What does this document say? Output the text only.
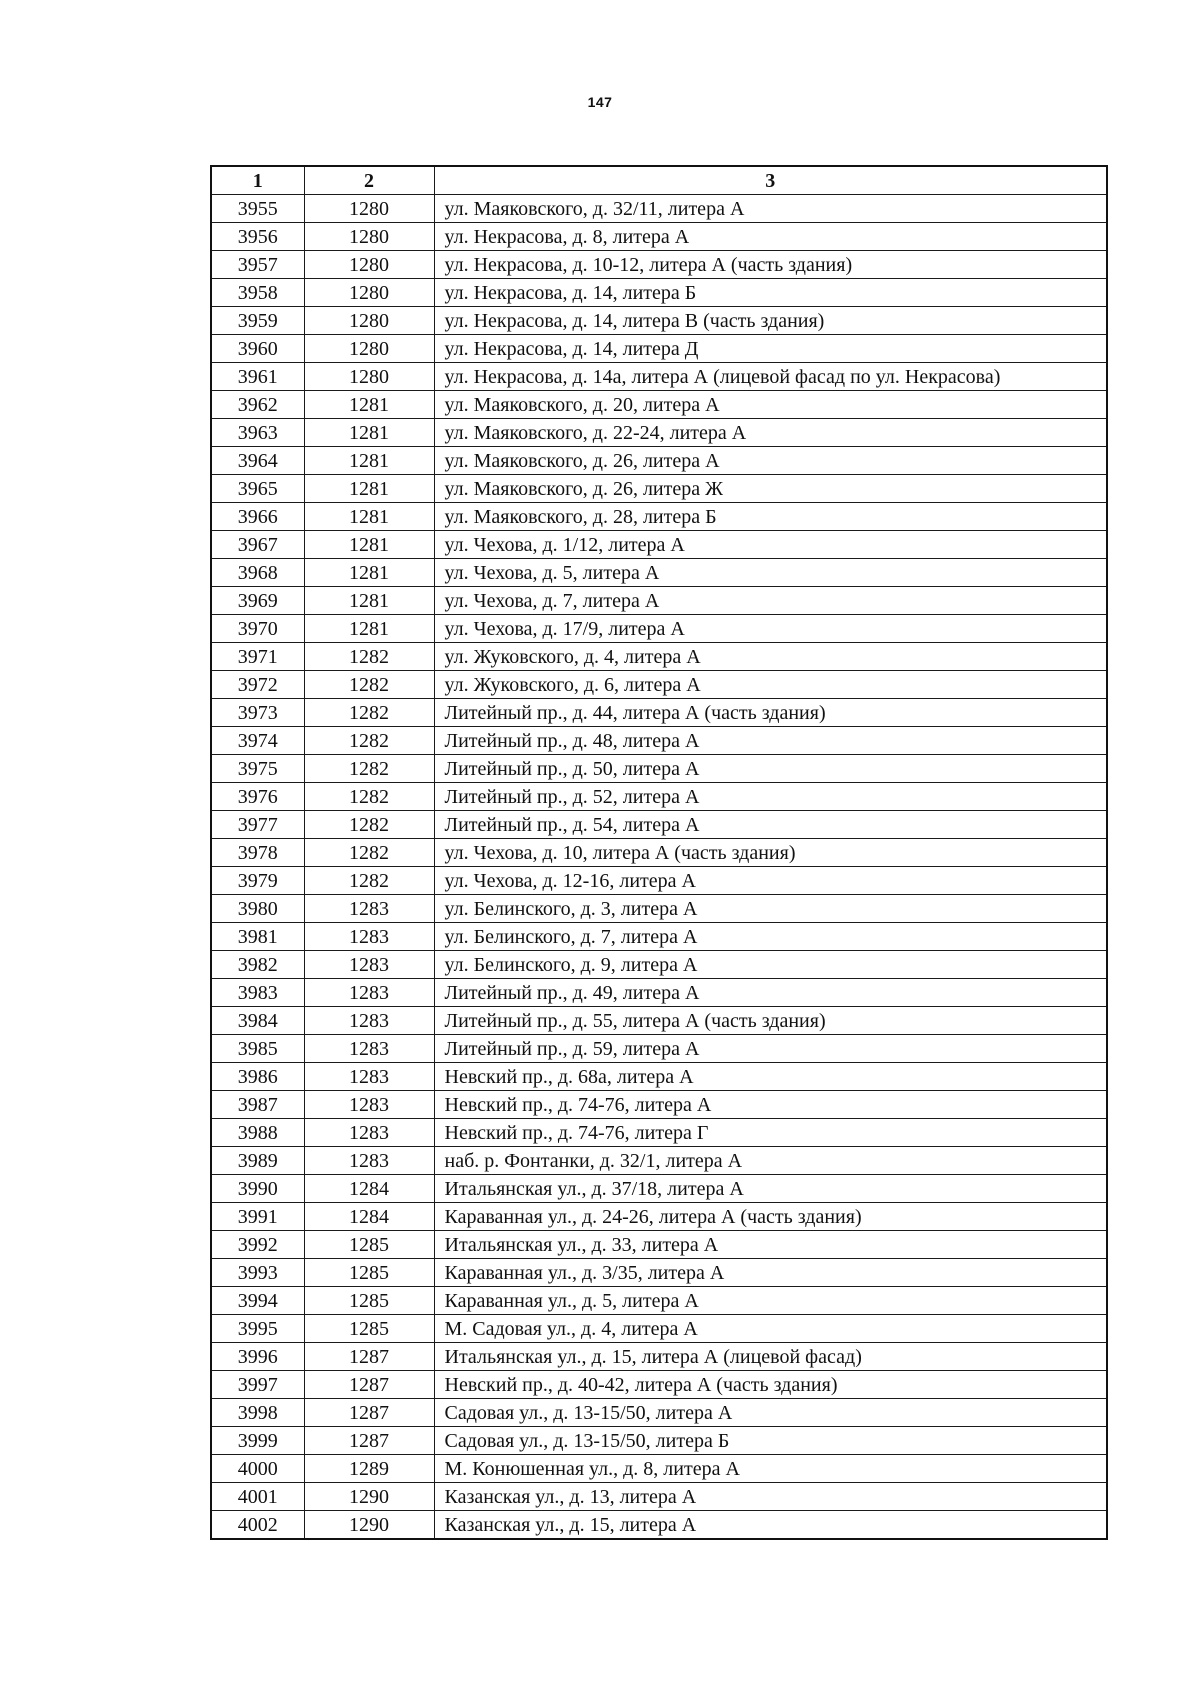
147
1	2	3
3955	1280	ул. Маяковского, д. 32/11, литера А
3956	1280	ул. Некрасова, д. 8, литера А
3957	1280	ул. Некрасова, д. 10-12, литера А (часть здания)
3958	1280	ул. Некрасова, д. 14, литера Б
3959	1280	ул. Некрасова, д. 14, литера В (часть здания)
3960	1280	ул. Некрасова, д. 14, литера Д
3961	1280	ул. Некрасова, д. 14а, литера А (лицевой фасад по ул. Некрасова)
3962	1281	ул. Маяковского, д. 20, литера А
3963	1281	ул. Маяковского, д. 22-24, литера А
3964	1281	ул. Маяковского, д. 26, литера А
3965	1281	ул. Маяковского, д. 26, литера Ж
3966	1281	ул. Маяковского, д. 28, литера Б
3967	1281	ул. Чехова, д. 1/12, литера А
3968	1281	ул. Чехова, д. 5, литера А
3969	1281	ул. Чехова, д. 7, литера А
3970	1281	ул. Чехова, д. 17/9, литера А
3971	1282	ул. Жуковского, д. 4, литера А
3972	1282	ул. Жуковского, д. 6, литера А
3973	1282	Литейный пр., д. 44, литера А (часть здания)
3974	1282	Литейный пр., д. 48, литера А
3975	1282	Литейный пр., д. 50, литера А
3976	1282	Литейный пр., д. 52, литера А
3977	1282	Литейный пр., д. 54, литера А
3978	1282	ул. Чехова, д. 10, литера А (часть здания)
3979	1282	ул. Чехова, д. 12-16, литера А
3980	1283	ул. Белинского, д. 3, литера А
3981	1283	ул. Белинского, д. 7, литера А
3982	1283	ул. Белинского, д. 9, литера А
3983	1283	Литейный пр., д. 49, литера А
3984	1283	Литейный пр., д. 55, литера А (часть здания)
3985	1283	Литейный пр., д. 59, литера А
3986	1283	Невский пр., д. 68а, литера А
3987	1283	Невский пр., д. 74-76, литера А
3988	1283	Невский пр., д. 74-76, литера Г
3989	1283	наб. р. Фонтанки, д. 32/1, литера А
3990	1284	Итальянская ул., д. 37/18, литера А
3991	1284	Караванная ул., д. 24-26, литера А (часть здания)
3992	1285	Итальянская ул., д. 33, литера А
3993	1285	Караванная ул., д. 3/35, литера А
3994	1285	Караванная ул., д. 5, литера А
3995	1285	М. Садовая ул., д. 4, литера А
3996	1287	Итальянская ул., д. 15, литера А (лицевой фасад)
3997	1287	Невский пр., д. 40-42, литера А (часть здания)
3998	1287	Садовая ул., д. 13-15/50, литера А
3999	1287	Садовая ул., д. 13-15/50, литера Б
4000	1289	М. Конюшенная ул., д. 8, литера А
4001	1290	Казанская ул., д. 13, литера А
4002	1290	Казанская ул., д. 15, литера А
